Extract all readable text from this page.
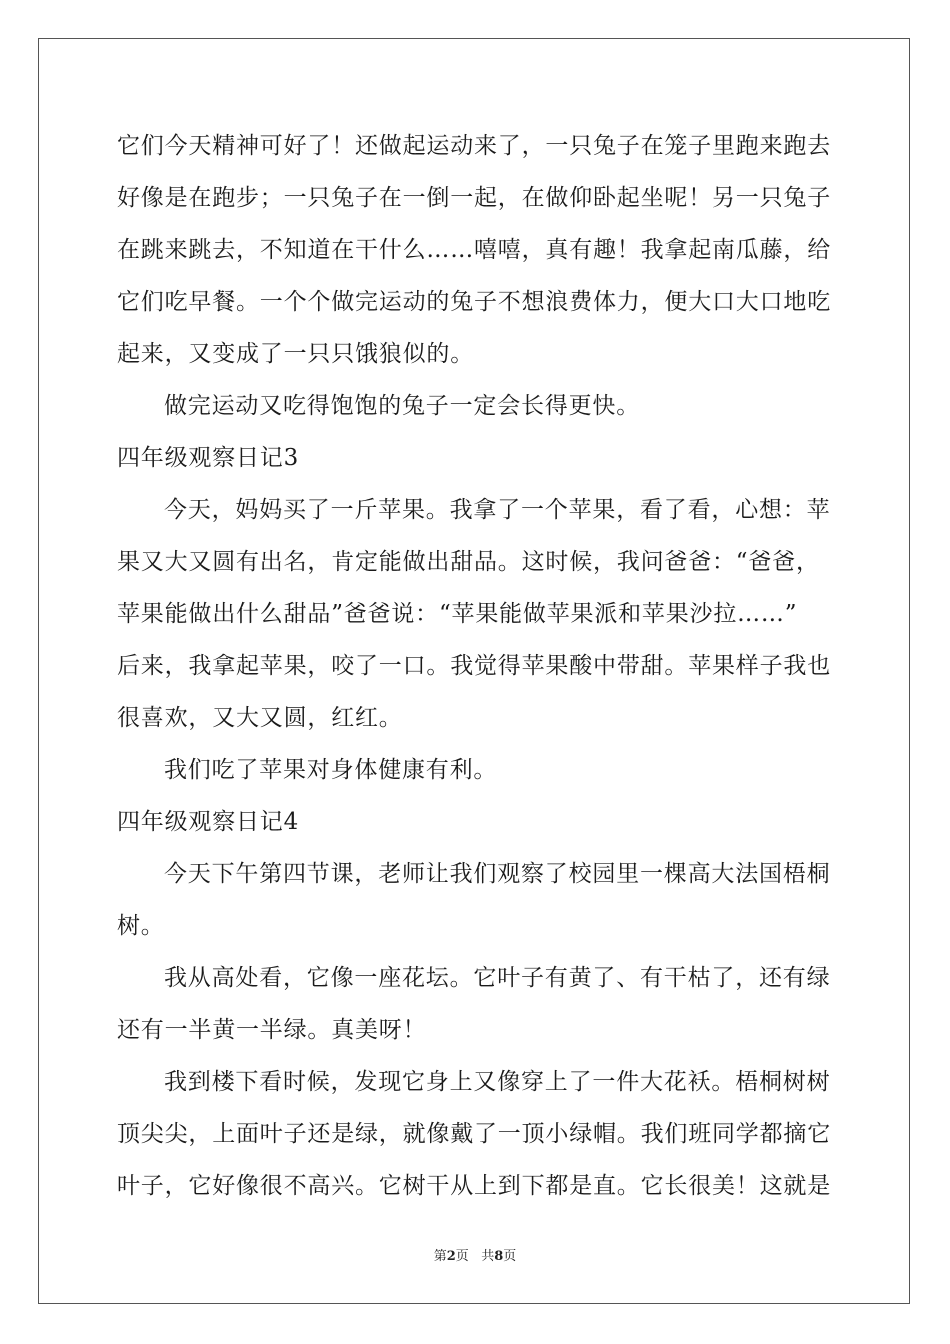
它们今天精神可好了！还做起运动来了，一只兔子在笼子里跑来跑去
好像是在跑步；一只兔子在一倒一起，在做仰卧起坐呢！另一只兔子
在跳来跳去，不知道在干什么……嘻嘻，真有趣！我拿起南瓜藤，给
它们吃早餐。一个个做完运动的兔子不想浪费体力，便大口大口地吃
起来，又变成了一只只饿狼似的。
做完运动又吃得饱饱的兔子一定会长得更快。
四年级观察日记3
今天，妈妈买了一斤苹果。我拿了一个苹果，看了看，心想：苹
果又大又圆有出名，肯定能做出甜品。这时候，我问爸爸：“爸爸，
苹果能做出什么甜品”爸爸说：“苹果能做苹果派和苹果沙拉……”
后来，我拿起苹果，咬了一口。我觉得苹果酸中带甜。苹果样子我也
很喜欢，又大又圆，红红。
我们吃了苹果对身体健康有利。
四年级观察日记4
今天下午第四节课，老师让我们观察了校园里一棵高大法国梧桐
树。
我从高处看，它像一座花坛。它叶子有黄了、有干枯了，还有绿
还有一半黄一半绿。真美呀！
我到楼下看时候，发现它身上又像穿上了一件大花袄。梧桐树树
顶尖尖，上面叶子还是绿，就像戴了一顶小绿帽。我们班同学都摘它
叶子，它好像很不高兴。它树干从上到下都是直。它长很美！这就是
第2页 共8页
